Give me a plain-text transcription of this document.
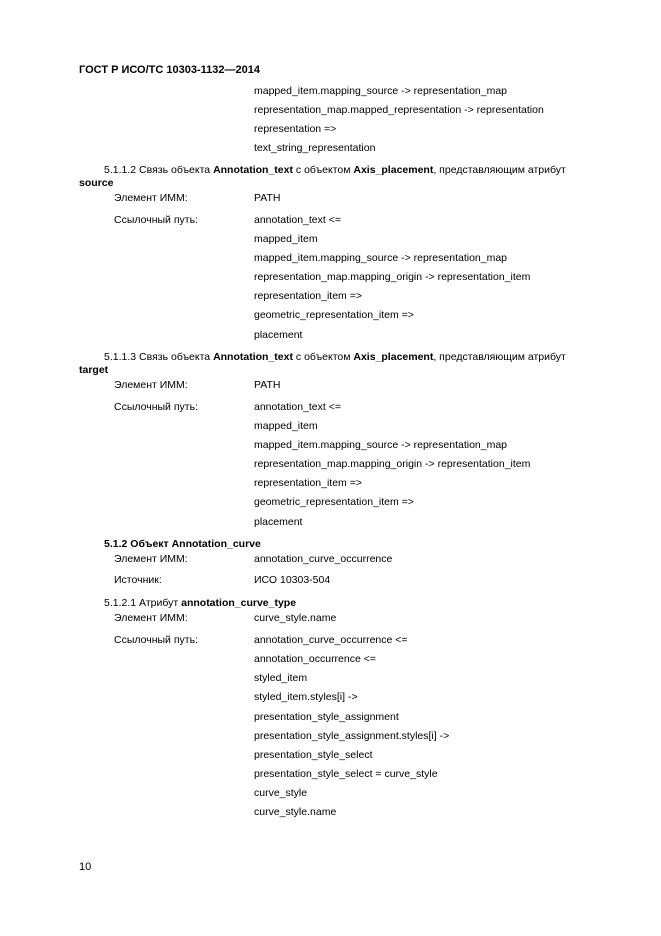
ГОСТ Р ИСО/ТС 10303-1132—2014
mapped_item.mapping_source -> representation_map
representation_map.mapped_representation -> representation
representation =>
text_string_representation
5.1.1.2 Связь объекта Annotation_text с объектом Axis_placement, представляющим атрибут
source
Элемент ИММ:	PATH
Ссылочный путь:	annotation_text <=
mapped_item
mapped_item.mapping_source -> representation_map
representation_map.mapping_origin -> representation_item
representation_item =>
geometric_representation_item =>
placement
5.1.1.3 Связь объекта Annotation_text с объектом Axis_placement, представляющим атрибут
target
Элемент ИММ:	PATH
Ссылочный путь:	annotation_text <=
mapped_item
mapped_item.mapping_source -> representation_map
representation_map.mapping_origin -> representation_item
representation_item =>
geometric_representation_item =>
placement
5.1.2 Объект Annotation_curve
Элемент ИММ:	annotation_curve_occurrence
Источник:	ИСО 10303-504
5.1.2.1 Атрибут annotation_curve_type
Элемент ИММ:	curve_style.name
Ссылочный путь:	annotation_curve_occurrence <=
annotation_occurrence <=
styled_item
styled_item.styles[i] ->
presentation_style_assignment
presentation_style_assignment.styles[i] ->
presentation_style_select
presentation_style_select = curve_style
curve_style
curve_style.name
10
